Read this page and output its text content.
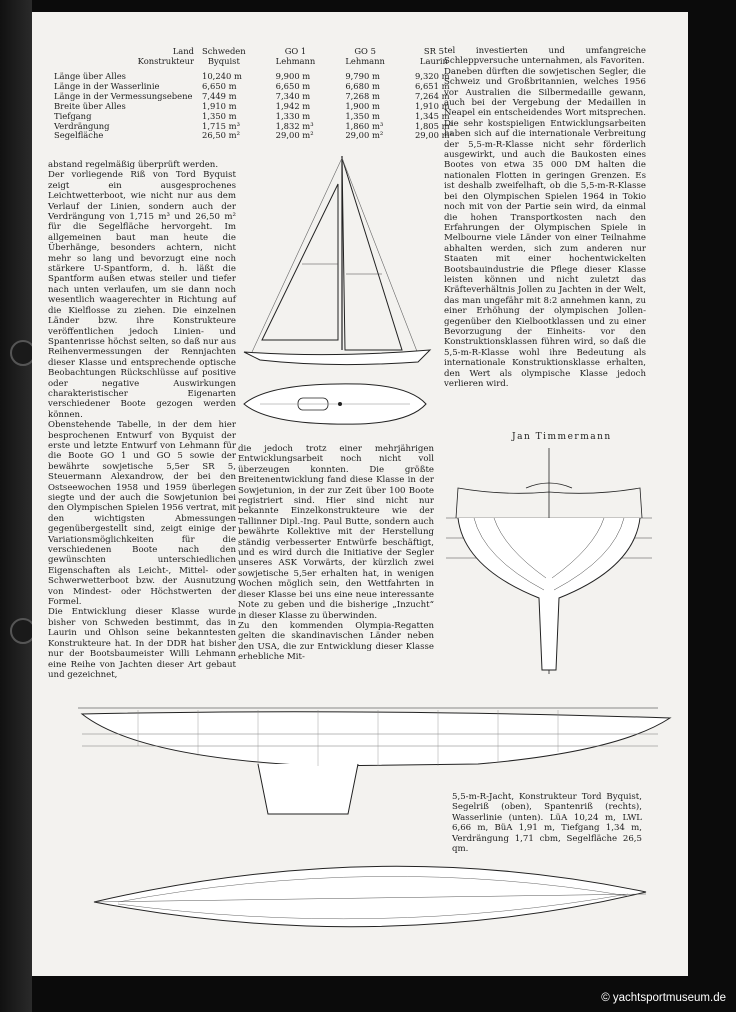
Land	Schweden	GO 1	GO 5	SR 5
Konstrukteur	Byquist	Lehmann	Lehmann	Laurin

Länge über Alles	10,240 m	9,900 m	9,790 m	9,320 m
Länge in der Wasserlinie	6,650 m	6,650 m	6,680 m	6,651 m
Länge in der Vermessungsebene	7,449 m	7,340 m	7,268 m	7,264 m
Breite über Alles	1,910 m	1,942 m	1,900 m	1,910 m
Tiefgang	1,350 m	1,330 m	1,350 m	1,345 m
Verdrängung	1,715 m³	1,832 m³	1,860 m³	1,805 m³
Segelfläche	26,50 m²	29,00 m²	29,00 m²	29,00 m²

abstand regelmäßig überprüft werden.

Der vorliegende Riß von Tord Byquist zeigt ein ausgesprochenes Leichtwetterboot, wie nicht nur aus dem Verlauf der Linien, sondern auch der Verdrängung von 1,715 m³ und 26,50 m² für die Segelfläche hervorgeht. Im allgemeinen baut man heute die Überhänge, besonders achtern, nicht mehr so lang und bevorzugt eine noch stärkere U-Spantform, d. h. läßt die Spantform außen etwas steiler und tiefer nach unten verlaufen, um sie dann noch wesentlich waagerechter in Richtung auf die Kielflosse zu ziehen. Die einzelnen Länder bzw. ihre Konstrukteure veröffentlichen jedoch Linien- und Spantenrisse höchst selten, so daß nur aus Reihenvermessungen der Rennjachten dieser Klasse und entsprechende optische Beobachtungen Rückschlüsse auf positive oder negative Auswirkungen charakteristischer Eigenarten verschiedener Boote gezogen werden können.

Obenstehende Tabelle, in der dem hier besprochenen Entwurf von Byquist der erste und letzte Entwurf von Lehmann für die Boote GO 1 und GO 5 sowie der bewährte sowjetische 5,5er SR 5, Steuermann Alexandrow, der bei den Ostseewochen 1958 und 1959 überlegen siegte und der auch die Sowjetunion bei den Olympischen Spielen 1956 vertrat, mit den wichtigsten Abmessungen gegenübergestellt sind, zeigt einige der Variationsmöglichkeiten für die verschiedenen Boote nach den gewünschten unterschiedlichen Eigenschaften als Leicht-, Mittel- oder Schwerwetterboot bzw. der Ausnutzung von Mindest- oder Höchstwerten der Formel.

Die Entwicklung dieser Klasse wurde bisher von Schweden bestimmt, das in Laurin und Ohlson seine bekanntesten Konstrukteure hat. In der DDR hat bisher nur der Bootsbaumeister Willi Lehmann eine Reihe von Jachten dieser Art gebaut und gezeichnet,

die jedoch trotz einer mehrjährigen Entwicklungsarbeit noch nicht voll überzeugen konnten. Die größte Breitenentwicklung fand diese Klasse in der Sowjetunion, in der zur Zeit über 100 Boote registriert sind. Hier sind nicht nur bekannte Einzelkonstrukteure wie der Tallinner Dipl.-Ing. Paul Butte, sondern auch bewährte Kollektive mit der Herstellung ständig verbesserter Entwürfe beschäftigt, und es wird durch die Initiative der Segler unseres ASK Vorwärts, der kürzlich zwei sowjetische 5,5er erhalten hat, in wenigen Wochen möglich sein, den Wettfahrten in dieser Klasse bei uns eine neue interessante Note zu geben und die bisherige „Inzucht“ in dieser Klasse zu überwinden.

Zu den kommenden Olympia-Regatten gelten die skandinavischen Länder neben den USA, die zur Entwicklung dieser Klasse erhebliche Mit-

tel investierten und umfangreiche Schleppversuche unternahmen, als Favoriten.

Daneben dürften die sowjetischen Segler, die Schweiz und Großbritannien, welches 1956 vor Australien die Silbermedaille gewann, auch bei der Vergebung der Medaillen in Neapel ein entscheidendes Wort mitsprechen. Die sehr kostspieligen Entwicklungsarbeiten haben sich auf die internationale Verbreitung der 5,5-m-R-Klasse nicht sehr förderlich ausgewirkt, und auch die Baukosten eines Bootes von etwa 35 000 DM halten die nationalen Flotten in geringen Grenzen. Es ist deshalb zweifelhaft, ob die 5,5-m-R-Klasse bei den Olympischen Spielen 1964 in Tokio noch mit von der Partie sein wird, da einmal die hohen Transportkosten nach den Erfahrungen der Olympischen Spiele in Melbourne viele Länder von einer Teilnahme abhalten werden, sich zum anderen nur Staaten mit einer hochentwickelten Bootsbauindustrie die Pflege dieser Klasse leisten können und nicht zuletzt das Kräfteverhältnis Jollen zu Jachten in der Welt, das man ungefähr mit 8:2 annehmen kann, zu einer Erhöhung der olympischen Jollen- gegenüber den Kielbootklassen und zu einer Bevorzugung der Einheits- vor den Konstruktionsklassen führen wird, so daß die 5,5-m-R-Klasse wohl ihre Bedeutung als internationale Konstruktionsklasse erhalten, den Wert als olympische Klasse jedoch verlieren wird.

Jan Timmermann
5,5-m-R-Jacht, Konstrukteur Tord Byquist, Segelriß (oben), Spantenriß (rechts), Wasserlinie (unten). LüA 10,24 m, LWL 6,66 m, BüA 1,91 m, Tiefgang 1,34 m, Verdrängung 1,71 cbm, Segelfläche 26,5 qm.
© yachtsportmuseum.de
